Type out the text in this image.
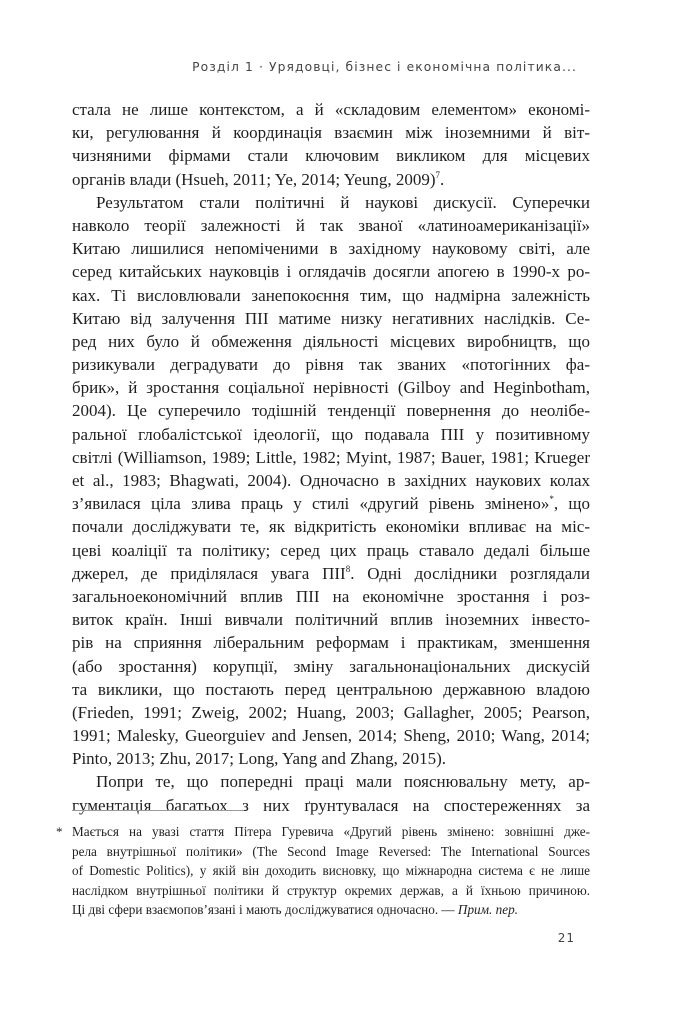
Розділ 1 · Урядовці, бізнес і економічна політика...
стала не лише контекстом, а й «складовим елементом» економі-
ки, регулювання й координація взаємин між іноземними й віт-
чизняними фірмами стали ключовим викликом для місцевих
органів влади (Hsueh, 2011; Ye, 2014; Yeung, 2009)$^7$.
Результатом стали політичні й наукові дискусії. Суперечки
навколо теорії залежності й так званої «латиноамериканізації»
Китаю лишилися непоміченими в західному науковому світі, але
серед китайських науковців і оглядачів досягли апогею в 1990-х ро-
ках. Ті висловлювали занепокоєння тим, що надмірна залежність
Китаю від залучення ПІІ матиме низку негативних наслідків. Се-
ред них було й обмеження діяльності місцевих виробництв, що
ризикували деградувати до рівня так званих «потогінних фа-
брик», й зростання соціальної нерівності (Gilboy and Heginbotham,
2004). Це суперечило тодішній тенденції повернення до неолібе-
ральної глобалістської ідеології, що подавала ПІІ у позитивному
світлі (Williamson, 1989; Little, 1982; Myint, 1987; Bauer, 1981; Krueger
et al., 1983; Bhagwati, 2004). Одночасно в західних наукових колах
з’явилася ціла злива праць у стилі «другий рівень змінено»*, що
почали досліджувати те, як відкритість економіки впливає на міс-
цеві коаліції та політику; серед цих праць ставало дедалі більше
джерел, де приділялася увага ПІІ$^8$. Одні дослідники розглядали
загальноекономічний вплив ПІІ на економічне зростання і роз-
виток країн. Інші вивчали політичний вплив іноземних інвесто-
рів на сприяння ліберальним реформам і практикам, зменшення
(або зростання) корупції, зміну загальнонаціональних дискусій
та виклики, що постають перед центральною державною владою
(Frieden, 1991; Zweig, 2002; Huang, 2003; Gallagher, 2005; Pearson,
1991; Malesky, Gueorguiev and Jensen, 2014; Sheng, 2010; Wang, 2014;
Pinto, 2013; Zhu, 2017; Long, Yang and Zhang, 2015).
Попри те, що попередні праці мали пояснювальну мету, ар-
гументація багатьох з них ґрунтувалася на спостереженнях за
* Мається на увазі стаття Пітера Гуревича «Другий рівень змінено: зовнішні дже-
рела внутрішньої політики» (The Second Image Reversed: The International Sources
of Domestic Politics), у якій він доходить висновку, що міжнародна система є не лише
наслідком внутрішньої політики й структур окремих держав, а й їхньою причиною.
Ці дві сфери взаємопов’язані і мають досліджуватися одночасно. — Прим. пер.
21
